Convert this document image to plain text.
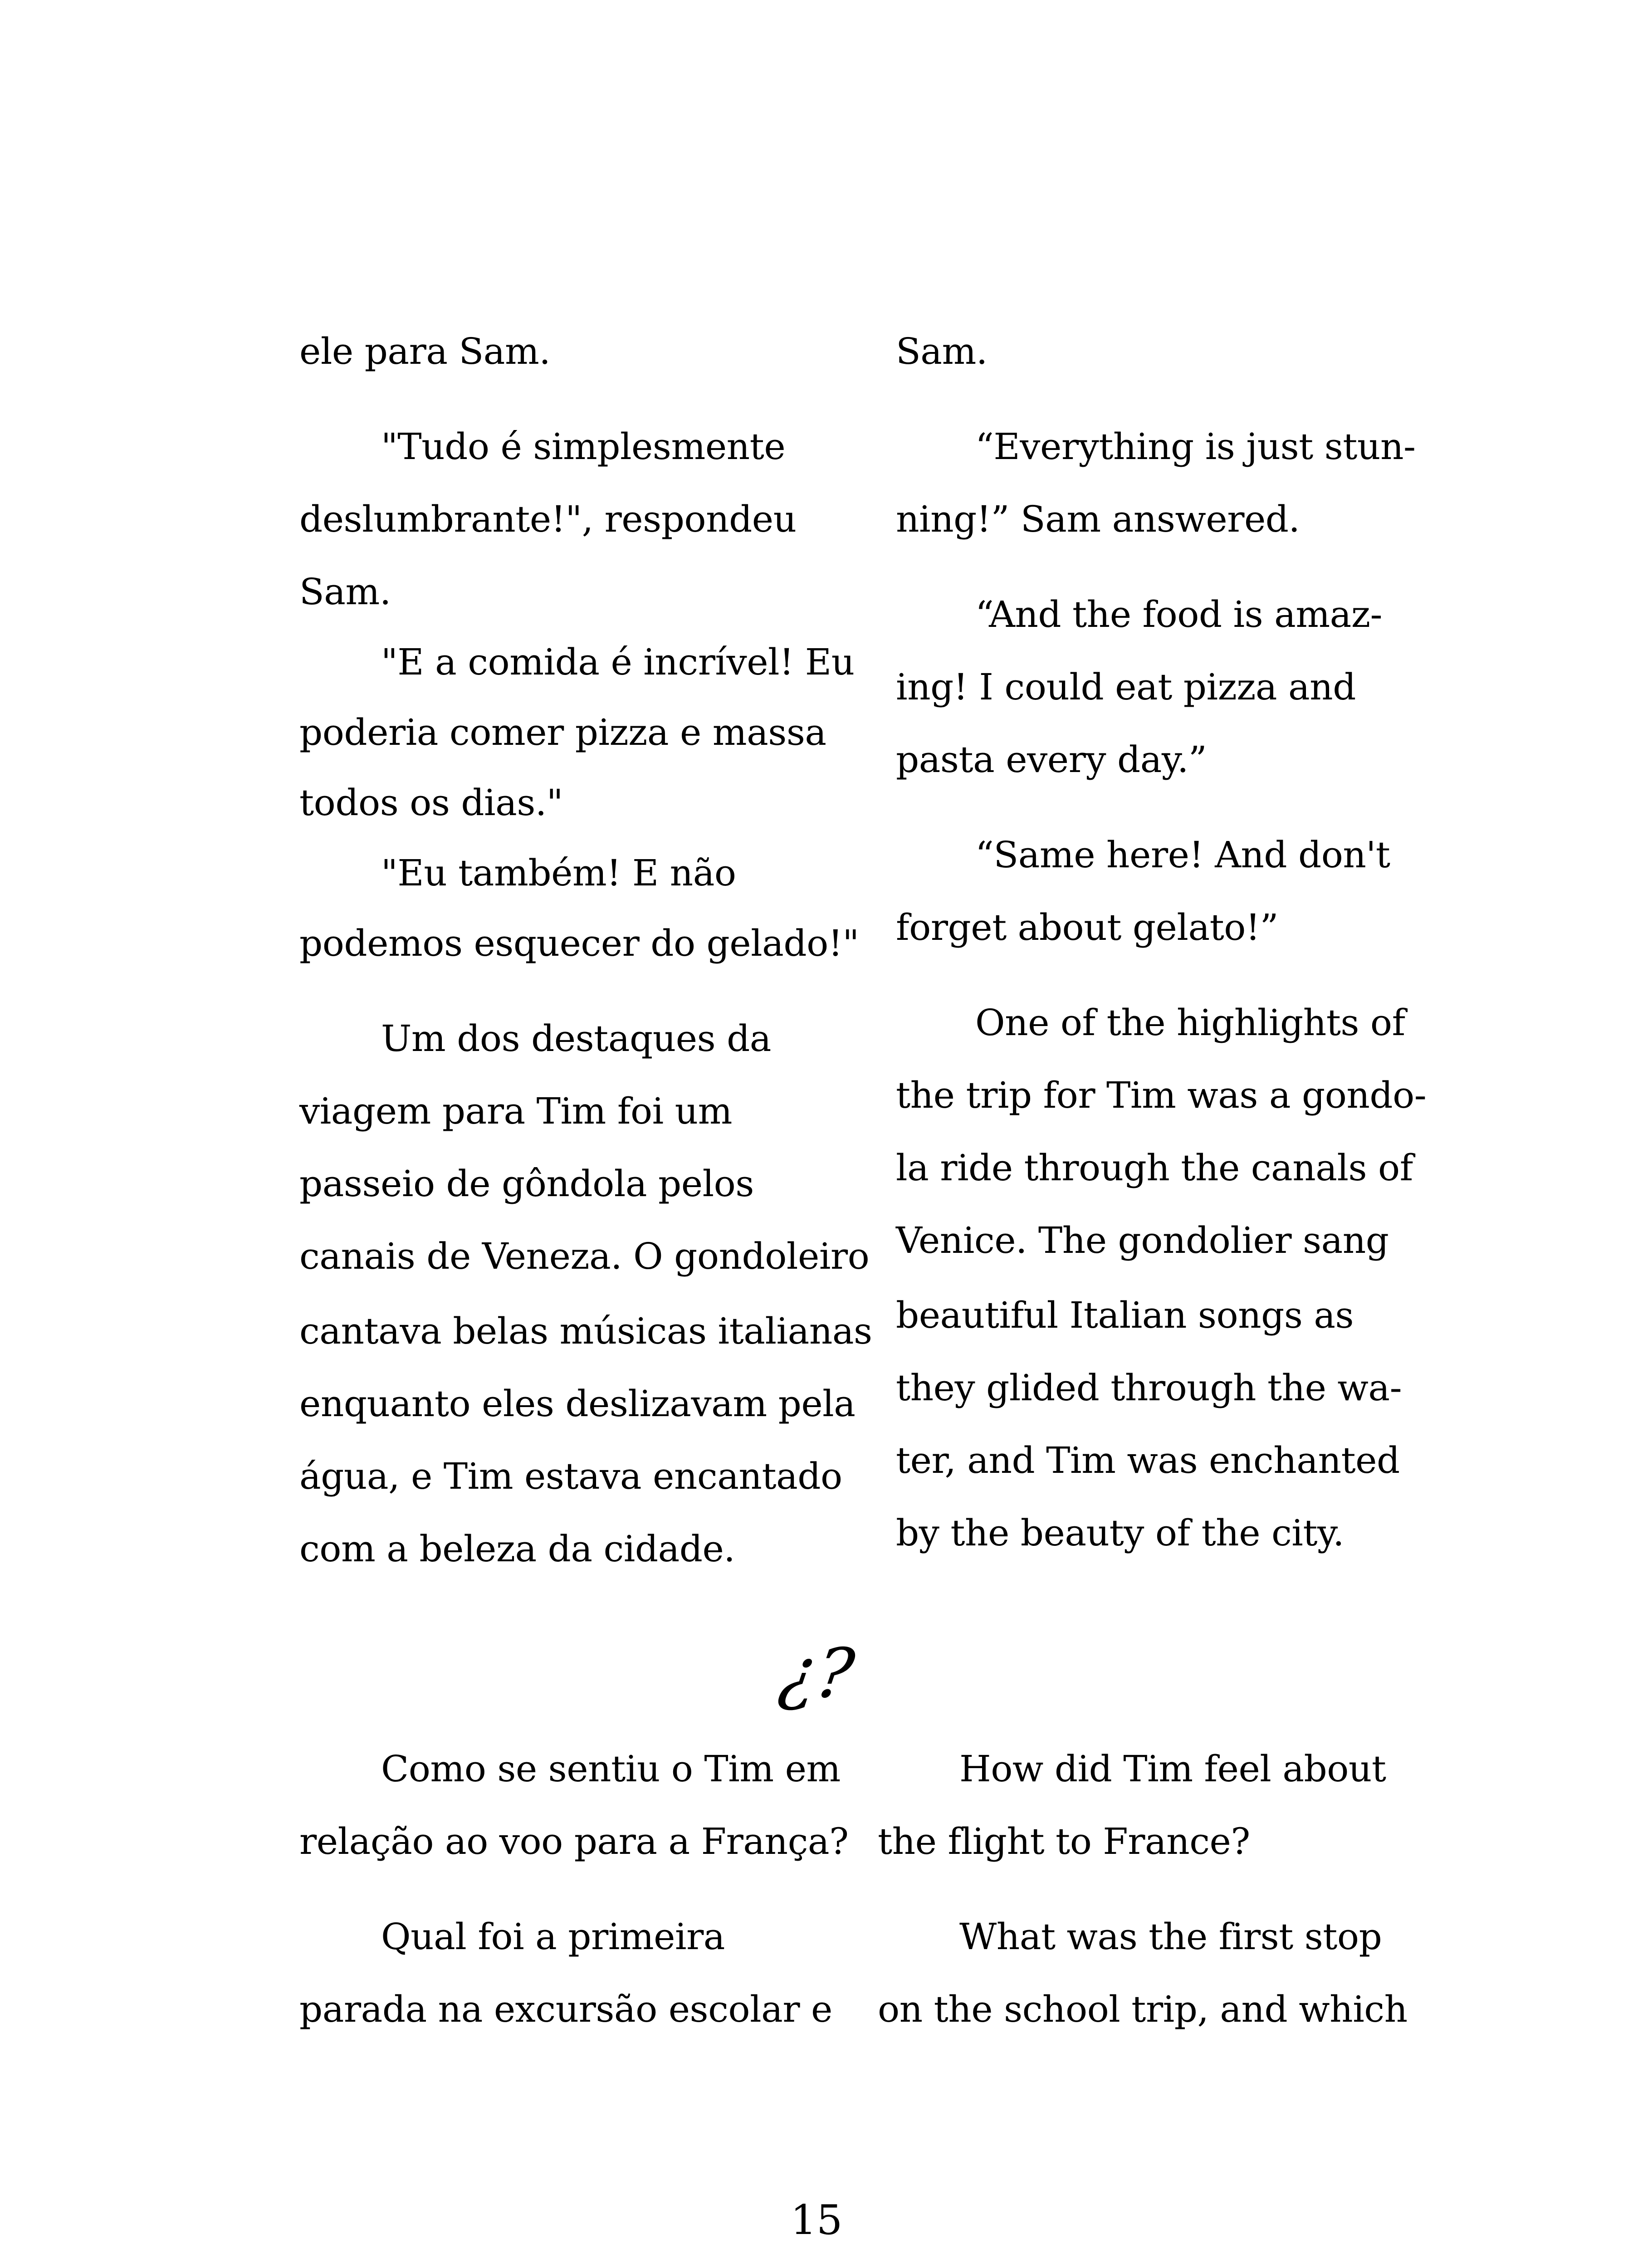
ele para Sam.
"Tudo é simplesmente
deslumbrante!", respondeu
Sam.
"E a comida é incrível! Eu
poderia comer pizza e massa
todos os dias."
"Eu também! E não
podemos esquecer do gelado!"
Um dos destaques da
viagem para Tim foi um
passeio de gôndola pelos
canais de Veneza. O gondoleiro
cantava belas músicas italianas
enquanto eles deslizavam pela
água, e Tim estava encantado
com a beleza da cidade.
Sam.
“Everything is just stun-
ning!” Sam answered.
“And the food is amaz-
ing! I could eat pizza and
pasta every day.”
“Same here! And don't
forget about gelato!”
One of the highlights of
the trip for Tim was a gondo-
la ride through the canals of
Venice. The gondolier sang
beautiful Italian songs as
they glided through the wa-
ter, and Tim was enchanted
by the beauty of the city.
¿?
Como se sentiu o Tim em
relação ao voo para a França?
Qual foi a primeira
parada na excursão escolar e
How did Tim feel about
the flight to France?
What was the first stop
on the school trip, and which
15
